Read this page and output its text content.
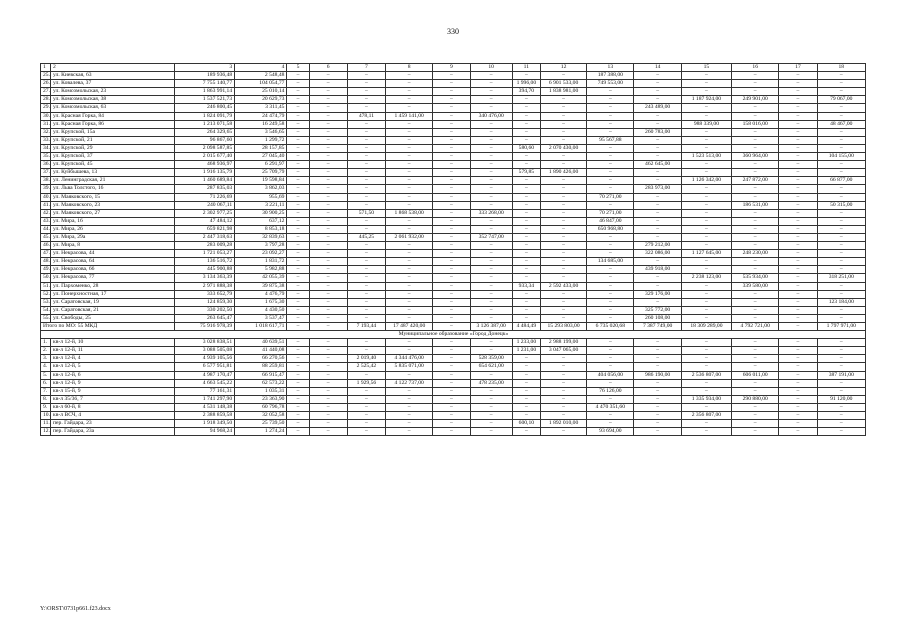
330
1	2	3	4	5	6	7	8	9	10	11	12	13	14	15	16	17	18
25.	ул. Киевская, 63	189 936,48	2 548,48	–	–	–	–	–	–	–	–	187 388,00	–	–	–	–	–
26.	ул. Ковалева, 37	7 755 140,77	104 054,77	–	–	–	–	–	–	1 996,00	6 901 533,00	749 553,00	–	–	–	–	–
27.	ул. Комсомольская, 23	1 863 991,14	25 010,14	–	–	–	–	–	–	394,70	1 838 981,00	–	–	–	–	–	–
28.	ул. Комсомольская, 38	1 537 521,73	20 629,73	–	–	–	–	–	–	–	–	–	–	1 187 924,00	249 901,00	–	79 067,00
29.	ул. Комсомольская, 63	246 800,45	3 311,45	–	–	–	–	–	–	–	–	–	243 489,00	–	–	–	–
30.	ул. Красная Горка, 84	1 824 091,79	24 474,79	–	–	478,11	1 459 141,00	–	340 476,00	–	–	–	–	–	–	–	–
31.	ул. Красная Горка, 86	1 213 071,58	16 249,58	–	–	–	–	–	–	–	–	–	–	988 339,00	158 016,00	–	48 467,00
32.	ул. Крупской, 15а	264 329,65	3 546,65	–	–	–	–	–	–	–	–	–	260 783,00	–	–	–	–
33.	ул. Крупской, 21	96 867,60	1 299,72	–	–	–	–	–	–	–	–	95 567,88	–	–	–	–	–
34.	ул. Крупской, 29	2 098 587,85	28 157,85	–	–	–	–	–	–	580,60	2 070 430,00	–	–	–	–	–	–
35.	ул. Крупской, 37	2 015 677,40	27 045,40	–	–	–	–	–	–	–	–	–	–	1 523 513,00	360 964,00	–	104 155,00
36.	ул. Крупской, 45	468 936,97	6 291,97	–	–	–	–	–	–	–	–	–	462 645,00	–	–	–	–
37.	ул. Куйбышева, 13	1 916 135,79	25 709,79	–	–	–	–	–	–	579,85	1 890 426,00	–	–	–	–	–	–
38.	ул. Ленинградская, 21	1 460 689,84	19 598,84	–	–	–	–	–	–	–	–	–	–	1 126 342,00	247 872,00	–	66 877,00
39.	ул. Льва Толстого, 16	287 835,03	3 862,03	–	–	–	–	–	–	–	–	–	283 973,00	–	–	–	–
40.	ул. Маяковского, 15	71 226,69	955,69	–	–	–	–	–	–	–	–	70 271,00	–	–	–	–	–
41.	ул. Маяковского, 23	240 067,11	3 221,11	–	–	–	–	–	–	–	–	–	–	–	186 531,00	–	50 315,00
42.	ул. Маяковского, 27	2 302 977,25	30 900,25	–	–	571,50	1 868 538,00	–	333 268,00	–	–	70 271,00	–	–	–	–	–
43.	ул. Мира, 16	47 484,12	637,12	–	–	–	–	–	–	–	–	46 847,00	–	–	–	–	–
44.	ул. Мира, 26	659 821,98	8 853,18	–	–	–	–	–	–	–	–	650 968,80	–	–	–	–	–
45.	ул. Мира, 29а	2 447 318,63	32 839,63	–	–	445,25	2 061 932,00	–	352 747,00	–	–	–	–	–	–	–	–
46.	ул. Мира, 8	283 009,28	3 797,28	–	–	–	–	–	–	–	–	–	279 212,00	–	–	–	–
47.	ул. Некрасова, 44	1 721 053,27	23 092,27	–	–	–	–	–	–	–	–	–	322 086,00	1 127 645,00	248 230,00	–	–
48.	ул. Некрасова, 64	136 516,72	1 831,72	–	–	–	–	–	–	–	–	134 685,00	–	–	–	–	–
49.	ул. Некрасова, 66	445 900,88	5 982,88	–	–	–	–	–	–	–	–	–	439 918,00	–	–	–	–
50.	ул. Некрасова, 77	3 134 363,39	42 055,39	–	–	–	–	–	–	–	–	–	–	2 238 123,00	535 934,00	–	318 251,00
51.	ул. Пархоменко, 28	2 971 888,38	39 875,38	–	–	–	–	–	–	933,34	2 592 433,00	–	–	–	339 580,00	–	–
52.	ул. Понерхностная, 17	333 652,79	4 476,79	–	–	–	–	–	–	–	–	–	329 176,00	–	–	–	–
53.	ул. Саратовская, 19	124 859,30	1 675,30	–	–	–	–	–	–	–	–	–	–	–	–	–	123 184,00
54.	ул. Саратовская, 21	330 202,50	4 430,50	–	–	–	–	–	–	–	–	–	325 772,00	–	–	–	–
55.	ул. Свободы, 25	263 645,47	3 537,47	–	–	–	–	–	–	–	–	–	260 108,00	–	–	–	–
Итого по МО: 55 МКД		75 916 978,39	1 018 617,71	–	–	7 193,44	17 487 420,00	–	3 126 387,00	4 484,49	15 293 803,00	6 735 020,68	7 387 749,00	18 309 289,00	4 792 721,00	–	1 797 971,00
Муниципальное образование «Город Донецк»																	
1.	кв-л 12-й, 10	3 028 838,51	40 639,51	–	–	–	–	–	–	1 233,00	2 988 199,00	–	–	–	–	–	–
2.	кв-л 12-й, 11	3 088 505,08	41 440,08	–	–	–	–	–	–	1 231,00	3 047 065,00	–	–	–	–	–	–
3.	кв-л 12-й, 4	4 939 105,56	66 270,56	–	–	2 019,40	4 344 476,00	–	528 359,00	–	–	–	–	–	–	–	–
4.	кв-л 12-й, 5	6 577 951,81	88 259,81	–	–	2 525,42	5 835 071,00	–	654 621,00	–	–	–	–	–	–	–	–
5.	кв-л 12-й, 6	4 987 170,47	66 915,47	–	–	–	–	–	–	–	–	404 056,00	986 190,00	2 536 807,00	606 011,00	–	387 191,00
6.	кв-л 12-й, 9	4 663 545,22	62 573,22	–	–	1 929,56	4 122 737,00	–	478 235,00	–	–	–	–	–	–	–	–
7.	кв-л 15-й, 9	77 161,31	1 035,31	–	–	–	–	–	–	–	–	76 126,00	–	–	–	–	–
8.	кв-л 35/36, 7	1 741 297,90	23 363,90	–	–	–	–	–	–	–	–	–	–	1 335 934,00	290 880,00	–	91 120,00
9.	кв-л 60-й, 8	4 531 148,38	60 796,78	–	–	–	–	–	–	–	–	4 470 351,60	–	–	–	–	–
10.	кв-л ВСЧ, 4	2 388 859,58	32 052,58	–	–	–	–	–	–	–	–	–	–	2 356 807,00	–	–	–
11.	пер. Гайдара, 23	1 918 349,50	25 739,50	–	–	–	–	–	–	600,10	1 892 010,00	–	–	–	–	–	–
12.	пер. Гайдара, 23а	94 968,24	1 274,24	–	–	–	–	–	–	–	–	93 694,00	–	–	–	–	–
Y:\ORST\0731p661.f23.docx
